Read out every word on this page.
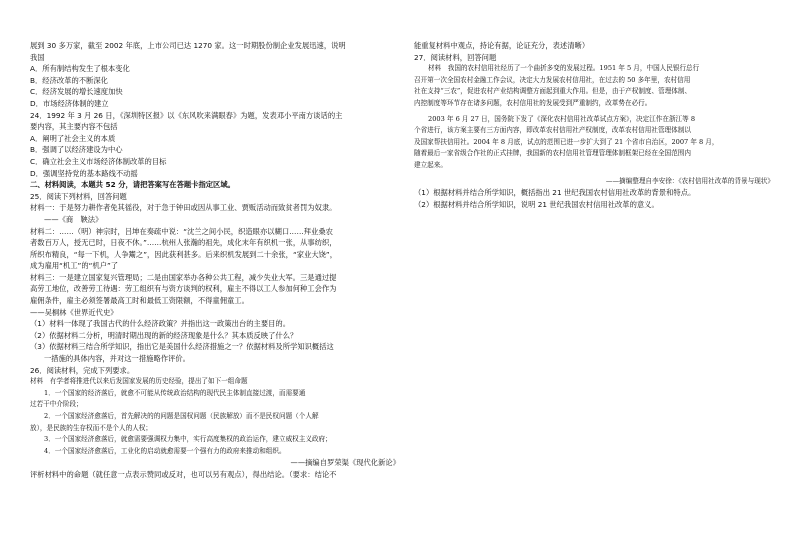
展到 30 多万家，截至 2002 年底，上市公司已达 1270 家。这一时期股份制企业发展迅速，说明

我国

A．所有制结构发生了根本变化

B．经济改革的不断深化

C．经济发展的增长速度加快

D．市场经济体制的建立

24．1992 年 3 月 26 日，《深圳特区报》以《东风吹来满眼春》为题，发表邓小平南方谈话的主

要内容，其主要内容不包括

A．阐明了社会主义的本质

B．强调了以经济建设为中心

C．确立社会主义市场经济体制改革的目标

D．强调坚持党的基本路线不动摇

二、材料阅读，本题共 52 分，请把答案写在答题卡指定区域。

25．阅读下列材料，回答问题

材料一：于是努力耕作者免其徭役，对于急于钟田或因从事工业、贾贩活动而致贫者罚为奴隶。

——《商　鞅法》

材料二：……（明）神宗时，吕坤在奏疏中说：“沈兰之间小民，织造眼亦以糊口……拜业桑农

者数百万人，授无已时，日夜不休。”……杭州人张瀚的祖先，成化末年有织机一张，从事纺织，

所织布精良，“每一下机，人争鬻之”，因此获利甚多。后来织机发展到二十余张，“家业大饶”，

成为雇用“机工”的“机户”了

材料三：一是建立国家复兴管理局；二是由国家举办各种公共工程，减少失业大军。三是通过提

高劳工地位，改善劳工待遇：劳工组织有与资方谈判的权利，雇主不得以工人参加何种工会作为

雇佣条件，雇主必须签署最高工时和最低工资限额，不得童佣童工。

——吴桐林《世界近代史》

（1）材料一体现了我国古代的什么经济政策？并指出这一政策出台的主要目的。

（2）依据材料二分析，明清时期出现的新的经济现象是什么？其本质反映了什么？

（3）依据材料三结合所学知识，指出它是美国什么经济措施之一？依据材料及所学知识概括这

一措施的具体内容，并对这一措施略作评价。

26．阅读材料，完成下列要求。

材料　有学者将推进代以来后发国家发展的历史经验，提出了如下一组命题

1．一个国家的经济落后，就愈不可能从传统政治结构的现代民主体制直接过渡，而需要通

过若干中介阶段；

2．一个国家经济愈落后，首先解决的的问题是国权问题（民族解放）而不是民权问题（个人解

放），是民族的生存权而不是个人的人权；

3．一个国家经济愈落后，就愈需要强调权力集中，实行高度集权的政治运作，建立威权主义政府；

4．一个国家经济愈落后，工业化的启动就愈需要一个强有力的政府来推动和组织。

——摘编自罗荣渠《现代化新论》

评析材料中的命题（就任意一点表示赞同或反对，也可以另有观点），得出结论。（要求：结论不

能重复材料中观点，持论有据，论证充分，表述清晰）

27．阅读材料，回答问题

材料　我国的农村信用社经历了一个曲折多变的发展过程。1951 年 5 月，中国人民银行总行

召开第一次全国农村金融工作会议，决定大力发展农村信用社，在过去的 50 多年里，农村信用

社在支持“三农”，促进农村产业结构调整方面起到重大作用。但是，由于产权制度、管理体制、

内控制度等环节存在诸多问题，农村信用社的发展受到严重制约，改革势在必行。

2003 年 6 月 27 日，国务院下发了《深化农村信用社改革试点方案》，决定江作在浙江等 8

个省进行，该方案主要有三方面内容，即改革农村信用社产权制度，改革农村信用社管理体制以

及国家帮扶信用社。2004 年 8 月底，试点的范围已进一步扩大到了 21 个省市自治区，2007 年 8 月，

随着最后一家省级合作社的正式挂牌，我国新的农村信用社管理管理体制框架已经在全国范围内

建立起来。

——摘编整理自李安徐：《农村信用社改革的背景与现状》

（1）根据材料并结合所学知识，概括指出 21 世纪我国农村信用社改革的背景和特点。

（2）根据材料并结合所学知识，说明 21 世纪我国农村信用社改革的意义。
